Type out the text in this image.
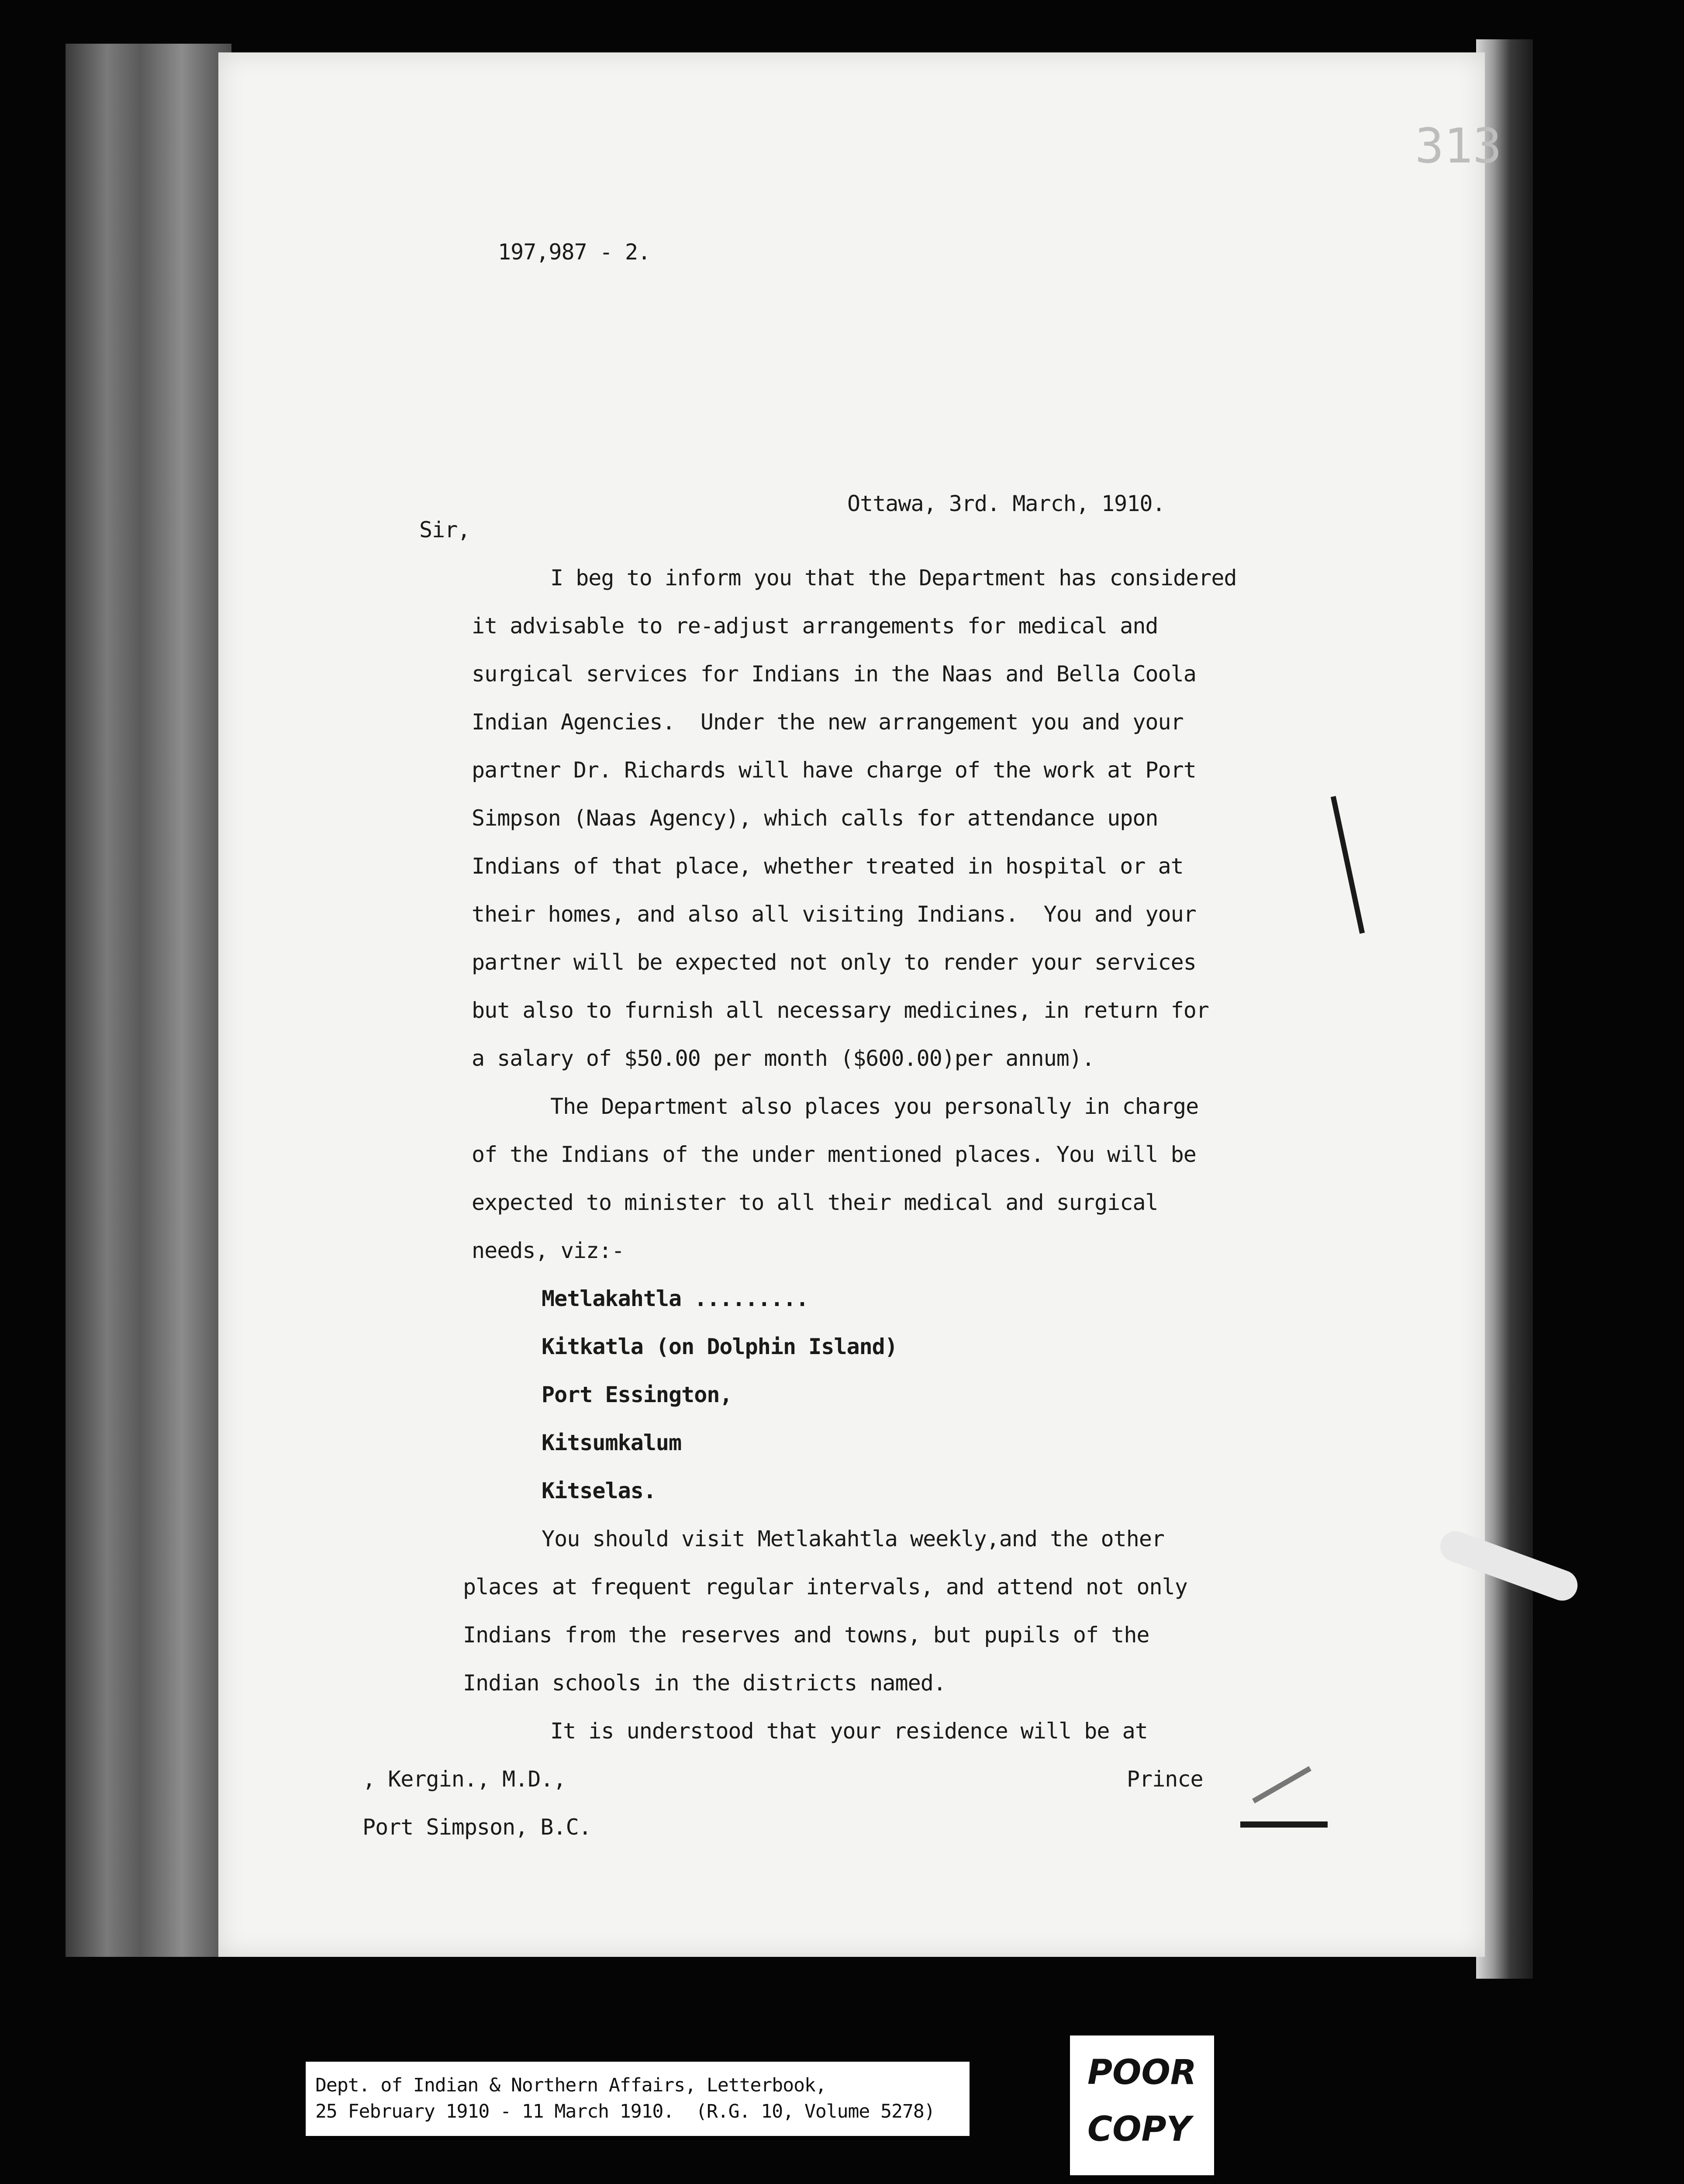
313

197,987 - 2.

Ottawa, 3rd. March, 1910.

Sir,

I beg to inform you that the Department has considered

it advisable to re-adjust arrangements for medical and

surgical services for Indians in the Naas and Bella Coola

Indian Agencies.  Under the new arrangement you and your

partner Dr. Richards will have charge of the work at Port

Simpson (Naas Agency), which calls for attendance upon

Indians of that place, whether treated in hospital or at

their homes, and also all visiting Indians.  You and your

partner will be expected not only to render your services

but also to furnish all necessary medicines, in return for

a salary of $50.00 per month ($600.00)per annum).

The Department also places you personally in charge

of the Indians of the under mentioned places. You will be

expected to minister to all their medical and surgical

needs, viz:-

Metlakahtla .........

Kitkatla (on Dolphin Island)

Port Essington,

Kitsumkalum

Kitselas.

You should visit Metlakahtla weekly,and the other

places at frequent regular intervals, and attend not only

Indians from the reserves and towns, but pupils of the

Indian schools in the districts named.

It is understood that your residence will be at

Prince

, Kergin., M.D.,

Port Simpson, B.C.

Dept. of Indian & Northern Affairs, Letterbook,

25 February 1910 - 11 March 1910.  (R.G. 10, Volume 5278)

POOR
COPY
